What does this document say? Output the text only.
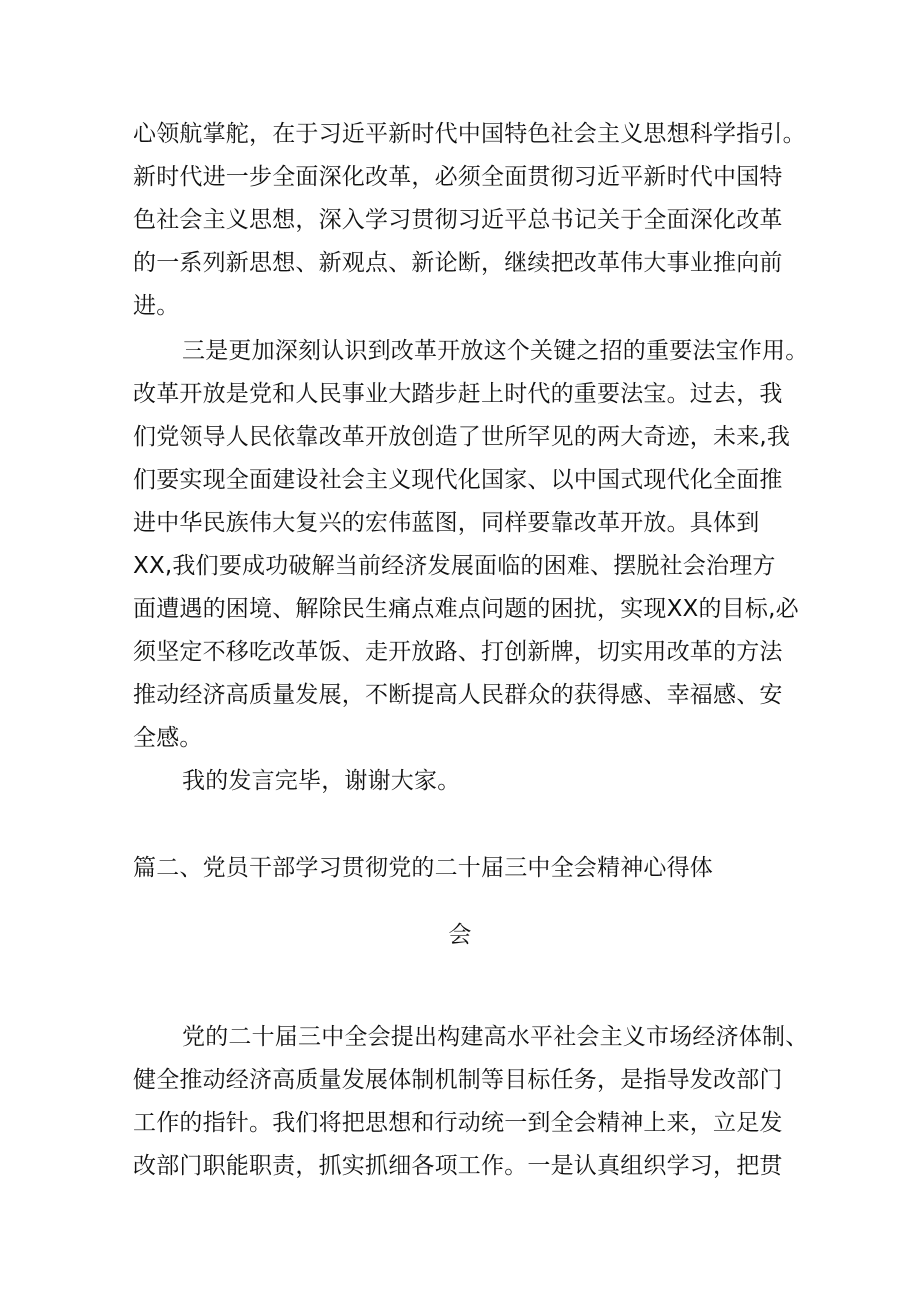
心领航掌舵，在于习近平新时代中国特色社会主义思想科学指引。
新时代进一步全面深化改革，必须全面贯彻习近平新时代中国特
色社会主义思想，深入学习贯彻习近平总书记关于全面深化改革
的一系列新思想、新观点、新论断，继续把改革伟大事业推向前
进。
三是更加深刻认识到改革开放这个关键之招的重要法宝作用。
改革开放是党和人民事业大踏步赶上时代的重要法宝。过去，我
们党领导人民依靠改革开放创造了世所罕见的两大奇迹，未来,我
们要实现全面建设社会主义现代化国家、以中国式现代化全面推
进中华民族伟大复兴的宏伟蓝图，同样要靠改革开放。具体到
XX,我们要成功破解当前经济发展面临的困难、摆脱社会治理方
面遭遇的困境、解除民生痛点难点问题的困扰，实现XX的目标,必
须坚定不移吃改革饭、走开放路、打创新牌，切实用改革的方法
推动经济高质量发展，不断提高人民群众的获得感、幸福感、安
全感。
我的发言完毕，谢谢大家。
篇二、党员干部学习贯彻党的二十届三中全会精神心得体
会
党的二十届三中全会提出构建高水平社会主义市场经济体制、
健全推动经济高质量发展体制机制等目标任务，是指导发改部门
工作的指针。我们将把思想和行动统一到全会精神上来，立足发
改部门职能职责，抓实抓细各项工作。一是认真组织学习，把贯
